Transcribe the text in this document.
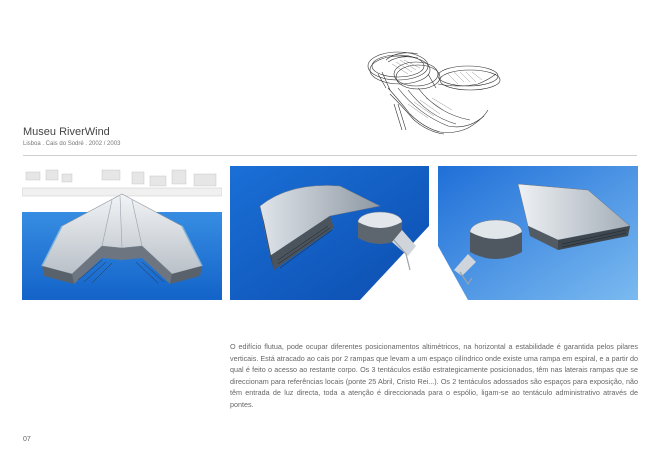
Museu RiverWind
Lisboa . Cais do Sodré . 2002 / 2003
O edifício flutua, pode ocupar diferentes posicionamentos altimétricos, na horizontal a estabilidade é garantida pelos pilares verticais. Está atracado ao cais por 2 rampas que levam a um espaço cilíndrico onde existe uma rampa em espiral, e a partir do qual é feito o acesso ao restante corpo. Os 3 tentáculos estão estrategicamente posicionados, têm nas laterais rampas que se direccionam para referências locais (ponte 25 Abril, Cristo Rei...). Os 2 tentáculos adossados são espaços para exposição, não têm entrada de luz directa, toda a atenção é direccionada para o espólio, ligam-se ao tentáculo administrativo através de pontes.
07
